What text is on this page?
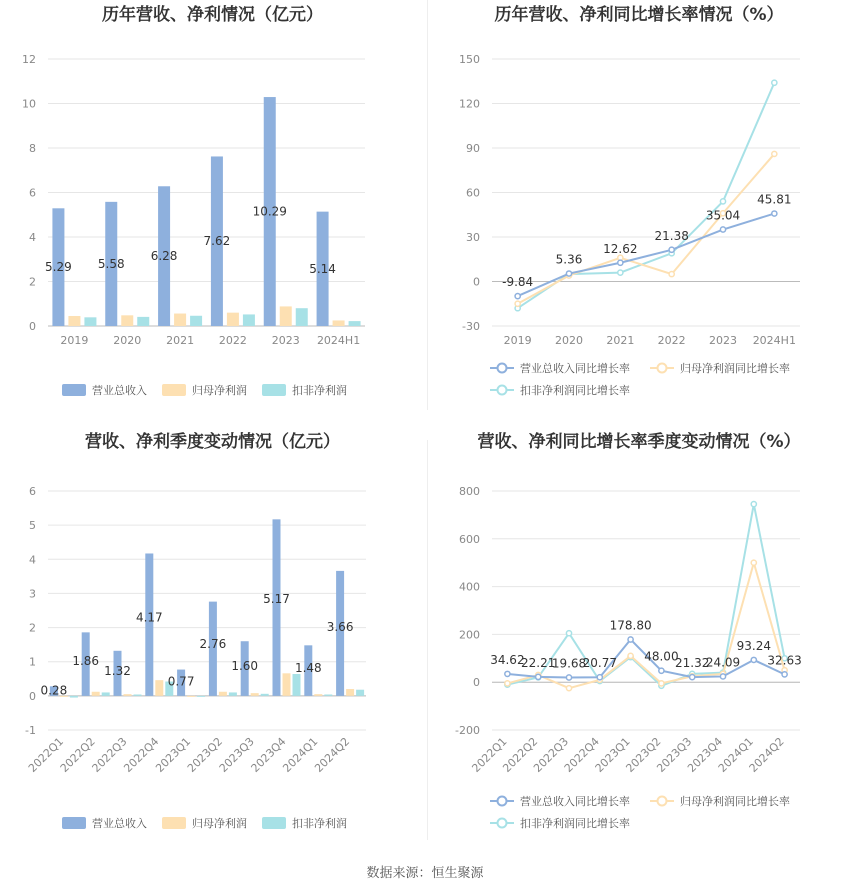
历年营收、净利情况（亿元）
0
2
4
6
8
10
12
2019 2020 2021 2022 2023 2024H1
5.29 5.58
6.28
7.62
10.29
5.14
营业总收入	归母净利润	扣非净利润
历年营收、净利同比增长率情况（%）
-30
0
30
60
90
120
150
2019 2020 2021 2022 2023 2024H1
-9.84
5.36
12.62
21.38
35.04
45.81
营业总收入同比增长率	归母净利润同比增长率
扣非净利润同比增长率
营收、净利季度变动情况（亿元）
-1
0
1
2
3
4
5
6
2022Q1
2022Q2
2022Q3
2022Q4
2023Q1
2023Q2
2023Q3
2023Q4
2024Q1
2024Q2
0.28
1.86
1.32
4.17
0.77
2.76
1.60
5.17
1.48
3.66
营业总收入	归母净利润	扣非净利润
营收、净利同比增长率季度变动情况（%）
-200
0
200
400
600
800
2022Q1
2022Q2
2022Q3
2022Q4
2023Q1
2023Q2
2023Q3
2023Q4
2024Q1
2024Q2
34.62
22.21
19.68
20.77
178.80
48.00
21.32
24.09
93.24
32.63
营业总收入同比增长率	归母净利润同比增长率
扣非净利润同比增长率
数据来源：恒生聚源
